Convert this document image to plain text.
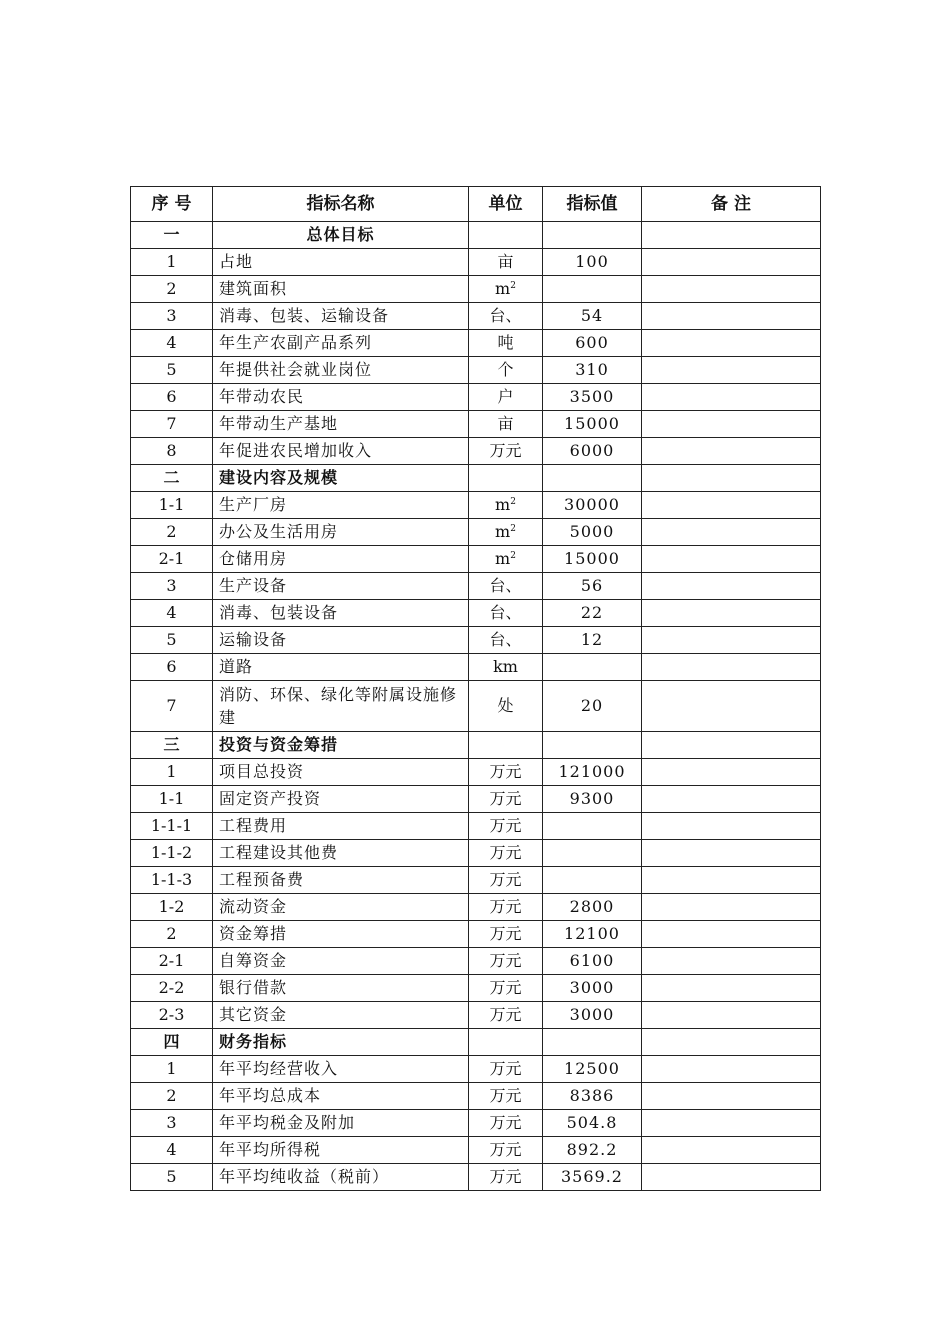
序 号	指标名称	单位	指标值	备 注
一	总体目标			
1	占地	亩	100	
2	建筑面积	$m^2$		
3	消毒、包装、运输设备	台、	54	
4	年生产农副产品系列	吨	600	
5	年提供社会就业岗位	个	310	
6	年带动农民	户	3500	
7	年带动生产基地	亩	15000	
8	年促进农民增加收入	万元	6000	
二	建设内容及规模			
1-1	生产厂房	$m^2$	30000	
2	办公及生活用房	$m^2$	5000	
2-1	仓储用房	$m^2$	15000	
3	生产设备	台、	56	
4	消毒、包装设备	台、	22	
5	运输设备	台、	12	
6	道路	km		
7	消防、环保、绿化等附属设施修建	处	20	
三	投资与资金筹措			
1	项目总投资	万元	121000	
1-1	固定资产投资	万元	9300	
1-1-1	工程费用	万元		
1-1-2	工程建设其他费	万元		
1-1-3	工程预备费	万元		
1-2	流动资金	万元	2800	
2	资金筹措	万元	12100	
2-1	自筹资金	万元	6100	
2-2	银行借款	万元	3000	
2-3	其它资金	万元	3000	
四	财务指标			
1	年平均经营收入	万元	12500	
2	年平均总成本	万元	8386	
3	年平均税金及附加	万元	504.8	
4	年平均所得税	万元	892.2	
5	年平均纯收益（税前）	万元	3569.2	
